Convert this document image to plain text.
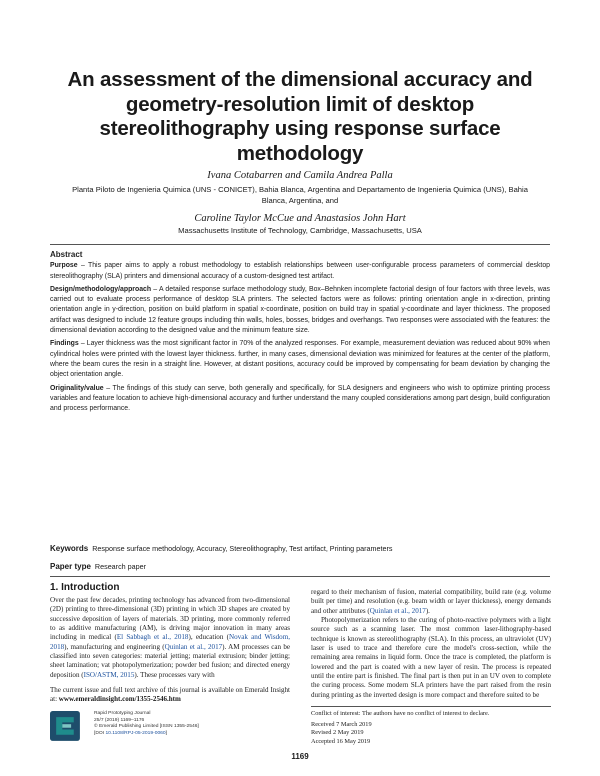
An assessment of the dimensional accuracy and geometry-resolution limit of desktop stereolithography using response surface methodology
Ivana Cotabarren and Camila Andrea Palla
Planta Piloto de Ingenieria Quimica (UNS - CONICET), Bahia Blanca, Argentina and Departamento de Ingenieria Quimica (UNS), Bahia Blanca, Argentina, and
Caroline Taylor McCue and Anastasios John Hart
Massachusetts Institute of Technology, Cambridge, Massachusetts, USA
Abstract

Purpose – This paper aims to apply a robust methodology to establish relationships between user-configurable process parameters of commercial desktop stereolithography (SLA) printers and dimensional accuracy of a custom-designed test artifact.

Design/methodology/approach – A detailed response surface methodology study, Box–Behnken incomplete factorial design of four factors with three levels, was carried out to evaluate process performance of desktop SLA printers. The selected factors were as follows: printing orientation angle in x-direction, printing orientation angle in y-direction, position on build platform in spatial x-coordinate, position on build tray in spatial y-coordinate and layer thickness. The proposed artifact was designed to include 12 feature groups including thin walls, holes, bosses, bridges and overhangs. Two responses were associated with the features: the dimensional deviation according to the designed value and the minimum feature size.

Findings – Layer thickness was the most significant factor in 70% of the analyzed responses. For example, measurement deviation was reduced about 90% when cylindrical holes were printed with the lowest layer thickness. further, in many cases, dimensional deviation was minimized for features at the center of the platform, where the beam cures the resin in a straight line. However, at distant positions, accuracy could be improved by compensating for beam deviation by changing the object orientation angle.

Originality/value – The findings of this study can serve, both generally and specifically, for SLA designers and engineers who wish to optimize printing process variables and feature location to achieve high-dimensional accuracy and further understand the many coupled considerations among part design, build configuration and process performance.

Keywords Response surface methodology, Accuracy, Stereolithography, Test artifact, Printing parameters
Paper type Research paper
1. Introduction

Over the past few decades, printing technology has advanced from two-dimensional (2D) printing to three-dimensional (3D) printing in which 3D shapes are created by successive deposition of layers of materials. 3D printing, more commonly referred to as additive manufacturing (AM), is driving major innovation in many areas including in medical (El Sabbagh et al., 2018), education (Novak and Wisdom, 2018), manufacturing and engineering (Quinlan et al., 2017). AM processes can be classified into seven categories: material jetting; material extrusion; binder jetting; sheet lamination; vat photopolymerization; powder bed fusion; and directed energy deposition (ISO/ASTM, 2015). These processes vary with

regard to their mechanism of fusion, material compatibility, build rate (e.g. volume built per time) and resolution (e.g. beam width or layer thickness), energy demands and other attributes (Quinlan et al., 2017).

Photopolymerization refers to the curing of photo-reactive polymers with a light source such as a scanning laser. The most common laser-lithography-based technique is known as stereolithography (SLA). In this process, an ultraviolet (UV) laser is used to trace and therefore cure the model's cross-section, while the remaining area remains in liquid form. Once the trace is completed, the platform is lowered and the part is coated with a new layer of resin. The process is repeated until the entire part is finished. The final part is then put in an UV oven to complete the curing process. Some modern SLA printers have the part raised from the resin during printing as the inverted design is more compact and therefore suited to be

The current issue and full text archive of this journal is available on Emerald Insight at: www.emeraldinsight.com/1355-2546.htm
Rapid Prototyping Journal
25/7 (2019) 1169–1176
© Emerald Publishing Limited [ISSN 1355-2546]
[DOI 10.1108/RPJ-05-2019-0060]
Conflict of interest: The authors have no conflict of interest to declare.
Received 7 March 2019
Revised 2 May 2019
Accepted 16 May 2019
1169
